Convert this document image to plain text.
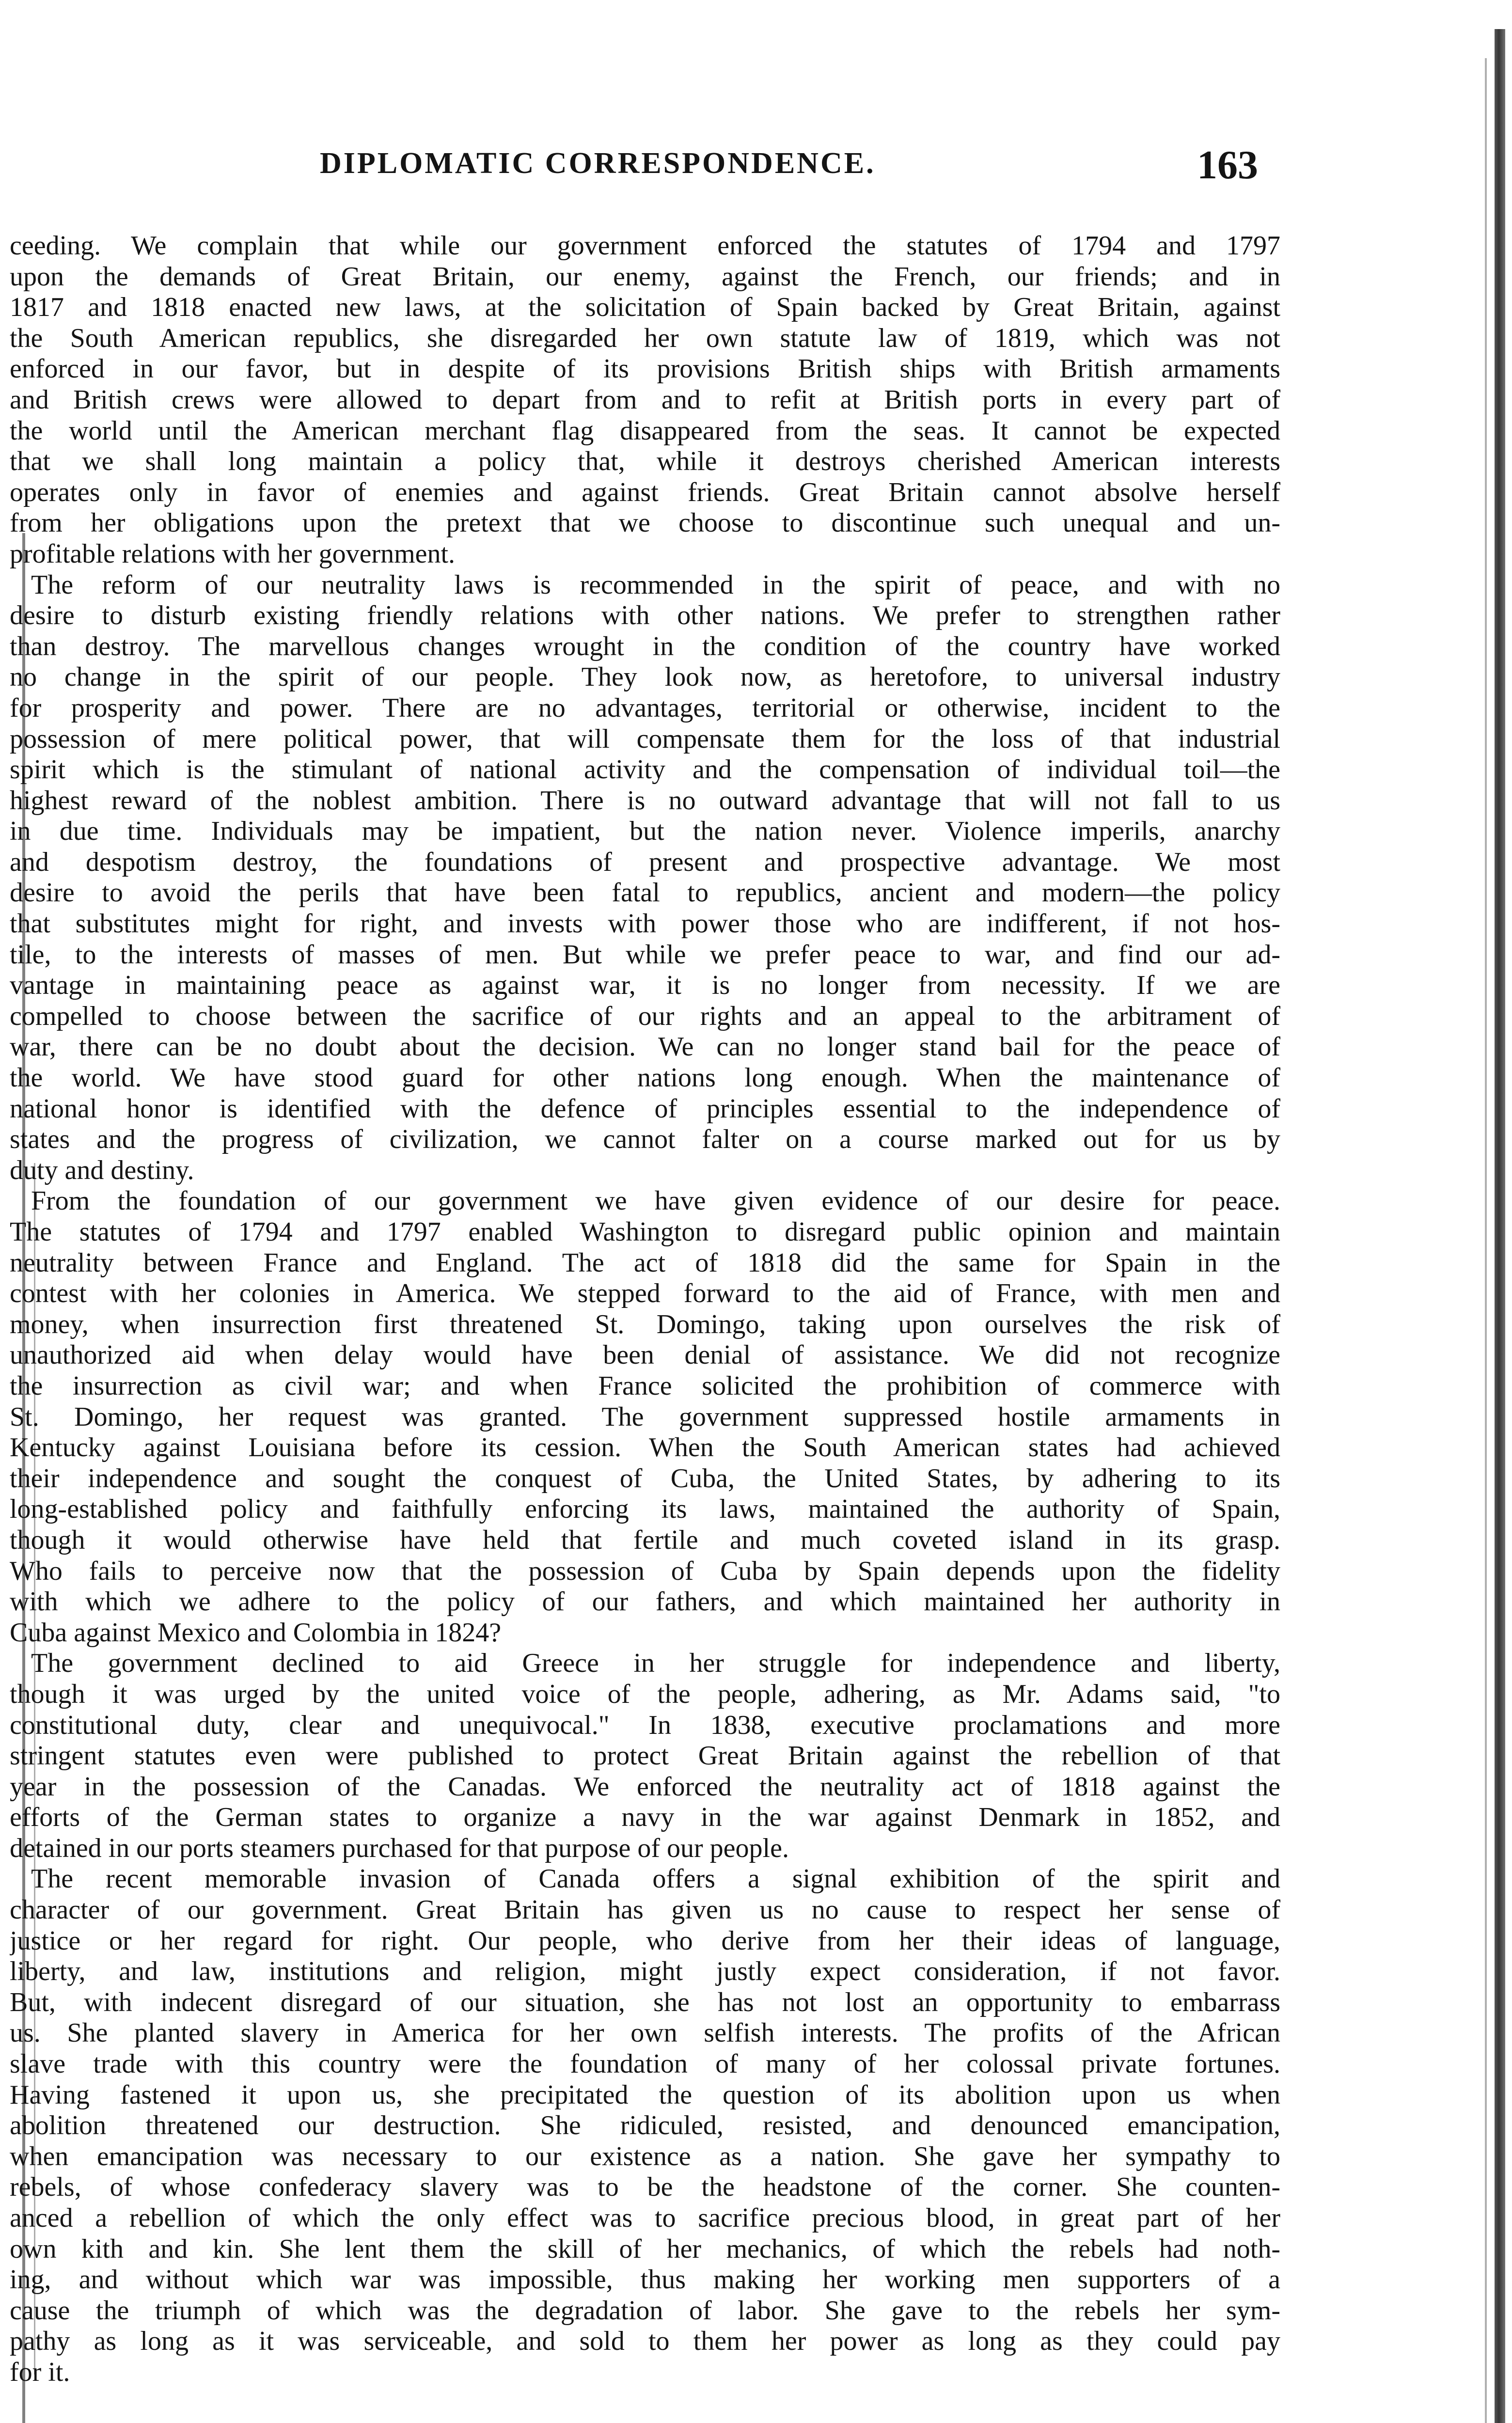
DIPLOMATIC CORRESPONDENCE.	163
ceeding. We complain that while our government enforced the statutes of 1794 and 1797
upon the demands of Great Britain, our enemy, against the French, our friends; and in
1817 and 1818 enacted new laws, at the solicitation of Spain backed by Great Britain, against
the South American republics, she disregarded her own statute law of 1819, which was not
enforced in our favor, but in despite of its provisions British ships with British armaments
and British crews were allowed to depart from and to refit at British ports in every part of
the world until the American merchant flag disappeared from the seas. It cannot be expected
that we shall long maintain a policy that, while it destroys cherished American interests
operates only in favor of enemies and against friends. Great Britain cannot absolve herself
from her obligations upon the pretext that we choose to discontinue such unequal and un-
profitable relations with her government.
The reform of our neutrality laws is recommended in the spirit of peace, and with no
desire to disturb existing friendly relations with other nations. We prefer to strengthen rather
than destroy. The marvellous changes wrought in the condition of the country have worked
no change in the spirit of our people. They look now, as heretofore, to universal industry
for prosperity and power. There are no advantages, territorial or otherwise, incident to the
possession of mere political power, that will compensate them for the loss of that industrial
spirit which is the stimulant of national activity and the compensation of individual toil—the
highest reward of the noblest ambition. There is no outward advantage that will not fall to us
in due time. Individuals may be impatient, but the nation never. Violence imperils, anarchy
and despotism destroy, the foundations of present and prospective advantage. We most
desire to avoid the perils that have been fatal to republics, ancient and modern—the policy
that substitutes might for right, and invests with power those who are indifferent, if not hos-
tile, to the interests of masses of men. But while we prefer peace to war, and find our ad-
vantage in maintaining peace as against war, it is no longer from necessity. If we are
compelled to choose between the sacrifice of our rights and an appeal to the arbitrament of
war, there can be no doubt about the decision. We can no longer stand bail for the peace of
the world. We have stood guard for other nations long enough. When the maintenance of
national honor is identified with the defence of principles essential to the independence of
states and the progress of civilization, we cannot falter on a course marked out for us by
duty and destiny.
From the foundation of our government we have given evidence of our desire for peace.
The statutes of 1794 and 1797 enabled Washington to disregard public opinion and maintain
neutrality between France and England. The act of 1818 did the same for Spain in the
contest with her colonies in America. We stepped forward to the aid of France, with men and
money, when insurrection first threatened St. Domingo, taking upon ourselves the risk of
unauthorized aid when delay would have been denial of assistance. We did not recognize
the insurrection as civil war; and when France solicited the prohibition of commerce with
St. Domingo, her request was granted. The government suppressed hostile armaments in
Kentucky against Louisiana before its cession. When the South American states had achieved
their independence and sought the conquest of Cuba, the United States, by adhering to its
long-established policy and faithfully enforcing its laws, maintained the authority of Spain,
though it would otherwise have held that fertile and much coveted island in its grasp.
Who fails to perceive now that the possession of Cuba by Spain depends upon the fidelity
with which we adhere to the policy of our fathers, and which maintained her authority in
Cuba against Mexico and Colombia in 1824?
The government declined to aid Greece in her struggle for independence and liberty,
though it was urged by the united voice of the people, adhering, as Mr. Adams said, "to
constitutional duty, clear and unequivocal." In 1838, executive proclamations and more
stringent statutes even were published to protect Great Britain against the rebellion of that
year in the possession of the Canadas. We enforced the neutrality act of 1818 against the
efforts of the German states to organize a navy in the war against Denmark in 1852, and
detained in our ports steamers purchased for that purpose of our people.
The recent memorable invasion of Canada offers a signal exhibition of the spirit and
character of our government. Great Britain has given us no cause to respect her sense of
justice or her regard for right. Our people, who derive from her their ideas of language,
liberty, and law, institutions and religion, might justly expect consideration, if not favor.
But, with indecent disregard of our situation, she has not lost an opportunity to embarrass
us. She planted slavery in America for her own selfish interests. The profits of the African
slave trade with this country were the foundation of many of her colossal private fortunes.
Having fastened it upon us, she precipitated the question of its abolition upon us when
abolition threatened our destruction. She ridiculed, resisted, and denounced emancipation,
when emancipation was necessary to our existence as a nation. She gave her sympathy to
rebels, of whose confederacy slavery was to be the headstone of the corner. She counten-
anced a rebellion of which the only effect was to sacrifice precious blood, in great part of her
own kith and kin. She lent them the skill of her mechanics, of which the rebels had noth-
ing, and without which war was impossible, thus making her working men supporters of a
cause the triumph of which was the degradation of labor. She gave to the rebels her sym-
pathy as long as it was serviceable, and sold to them her power as long as they could pay
for it.
